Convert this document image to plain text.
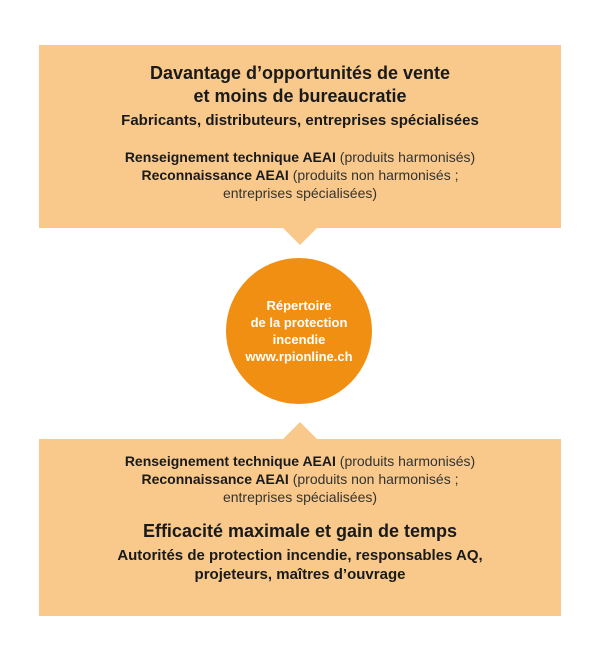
Davantage d’opportunités de vente
et moins de bureaucratie

Fabricants, distributeurs, entreprises spécialisées

Renseignement technique AEAI (produits harmonisés)
Reconnaissance AEAI (produits non harmonisés ;
entreprises spécialisées)

Répertoire
de la protection
incendie
www.rpionline.ch

Renseignement technique AEAI (produits harmonisés)
Reconnaissance AEAI (produits non harmonisés ;
entreprises spécialisées)

Efficacité maximale et gain de temps

Autorités de protection incendie, responsables AQ,
projeteurs, maîtres d’ouvrage
